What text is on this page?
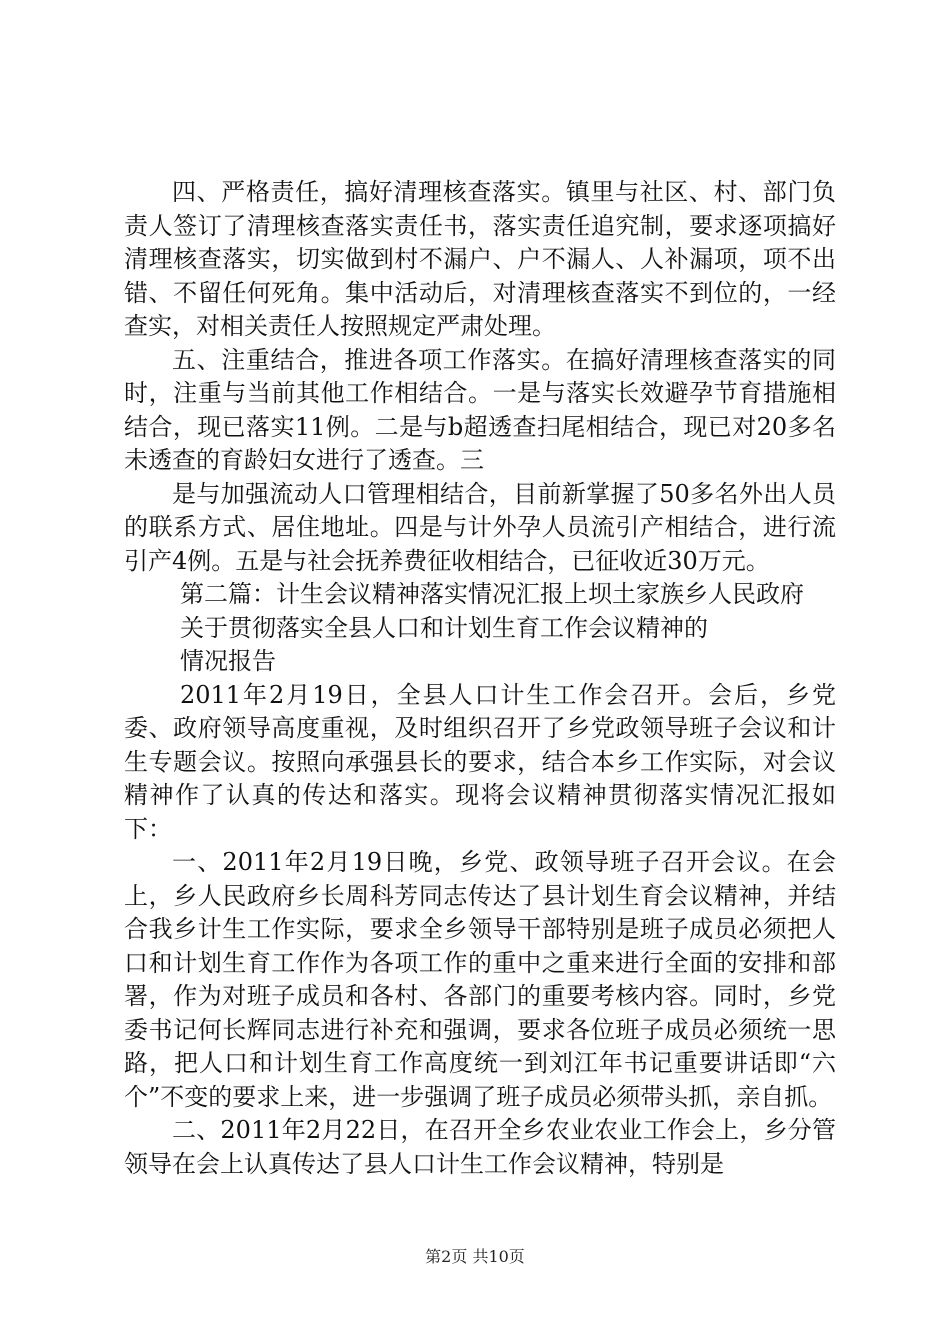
四、严格责任，搞好清理核查落实。镇里与社区、村、部门负责人签订了清理核查落实责任书，落实责任追究制，要求逐项搞好清理核查落实，切实做到村不漏户、户不漏人、人补漏项，项不出错、不留任何死角。集中活动后，对清理核查落实不到位的，一经查实，对相关责任人按照规定严肃处理。

五、注重结合，推进各项工作落实。在搞好清理核查落实的同时，注重与当前其他工作相结合。一是与落实长效避孕节育措施相结合，现已落实11例。二是与b超透查扫尾相结合，现已对20多名未透查的育龄妇女进行了透查。三

是与加强流动人口管理相结合，目前新掌握了50多名外出人员的联系方式、居住地址。四是与计外孕人员流引产相结合，进行流引产4例。五是与社会抚养费征收相结合，已征收近30万元。

第二篇：计生会议精神落实情况汇报上坝土家族乡人民政府

关于贯彻落实全县人口和计划生育工作会议精神的

情况报告

2011年2月19日，全县人口计生工作会召开。会后，乡党委、政府领导高度重视，及时组织召开了乡党政领导班子会议和计生专题会议。按照向承强县长的要求，结合本乡工作实际，对会议精神作了认真的传达和落实。现将会议精神贯彻落实情况汇报如下：

一、2011年2月19日晚，乡党、政领导班子召开会议。在会上，乡人民政府乡长周科芳同志传达了县计划生育会议精神，并结合我乡计生工作实际，要求全乡领导干部特别是班子成员必须把人口和计划生育工作作为各项工作的重中之重来进行全面的安排和部署，作为对班子成员和各村、各部门的重要考核内容。同时，乡党委书记何长辉同志进行补充和强调，要求各位班子成员必须统一思路，把人口和计划生育工作高度统一到刘江年书记重要讲话即“六个”不变的要求上来，进一步强调了班子成员必须带头抓，亲自抓。

二、2011年2月22日，在召开全乡农业农业工作会上，乡分管领导在会上认真传达了县人口计生工作会议精神，特别是

第2页 共10页
